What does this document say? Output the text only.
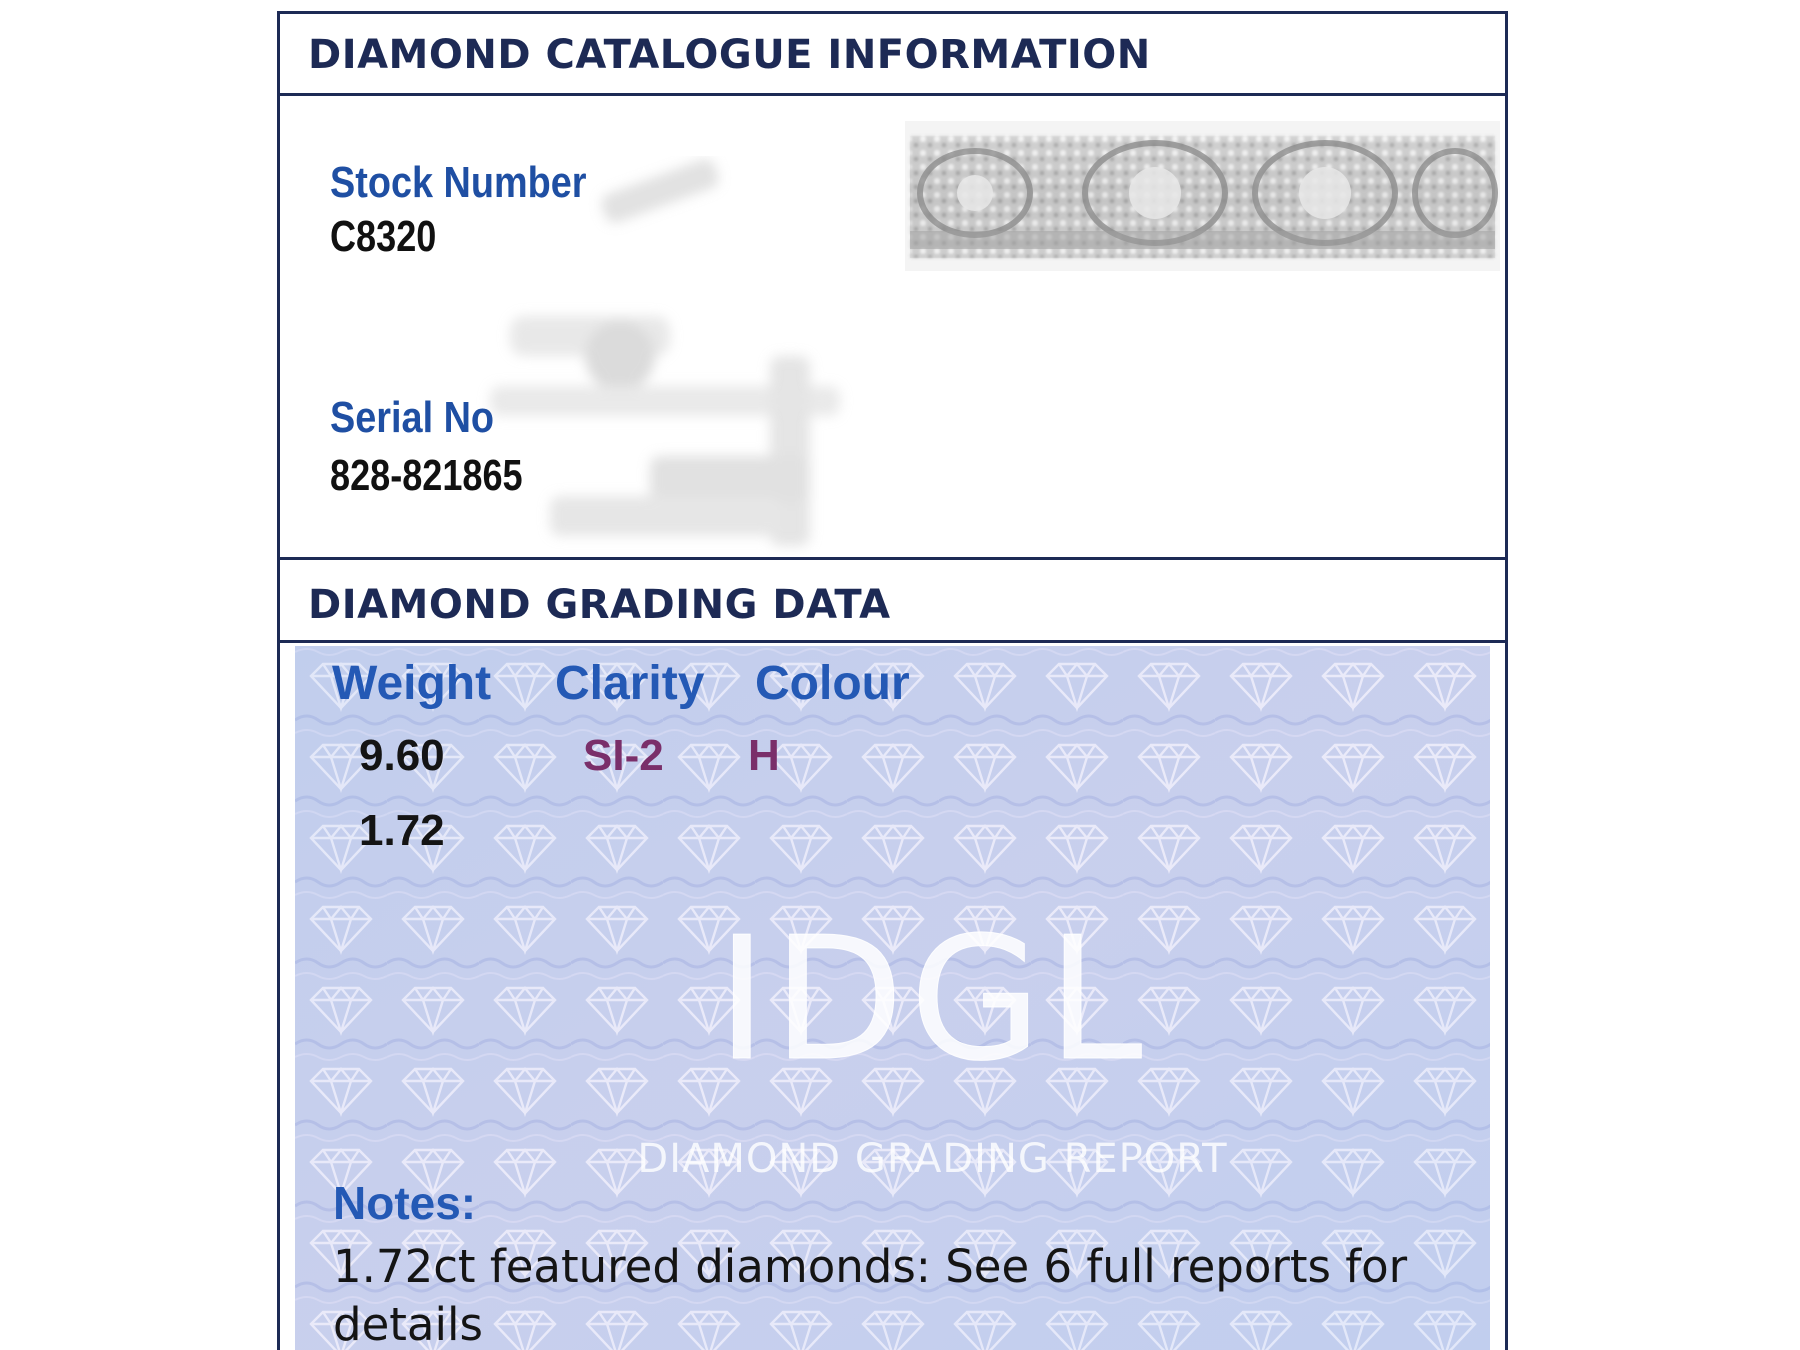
DIAMOND CATALOGUE INFORMATION
Stock Number
C8320
Serial No
828-821865
DIAMOND GRADING DATA
Weight Clarity Colour
9.60	SI-2 H
1.72
IDGL
DIAMOND GRADING REPORT
Notes:
1.72ct featured diamonds: See 6 full reports for details
